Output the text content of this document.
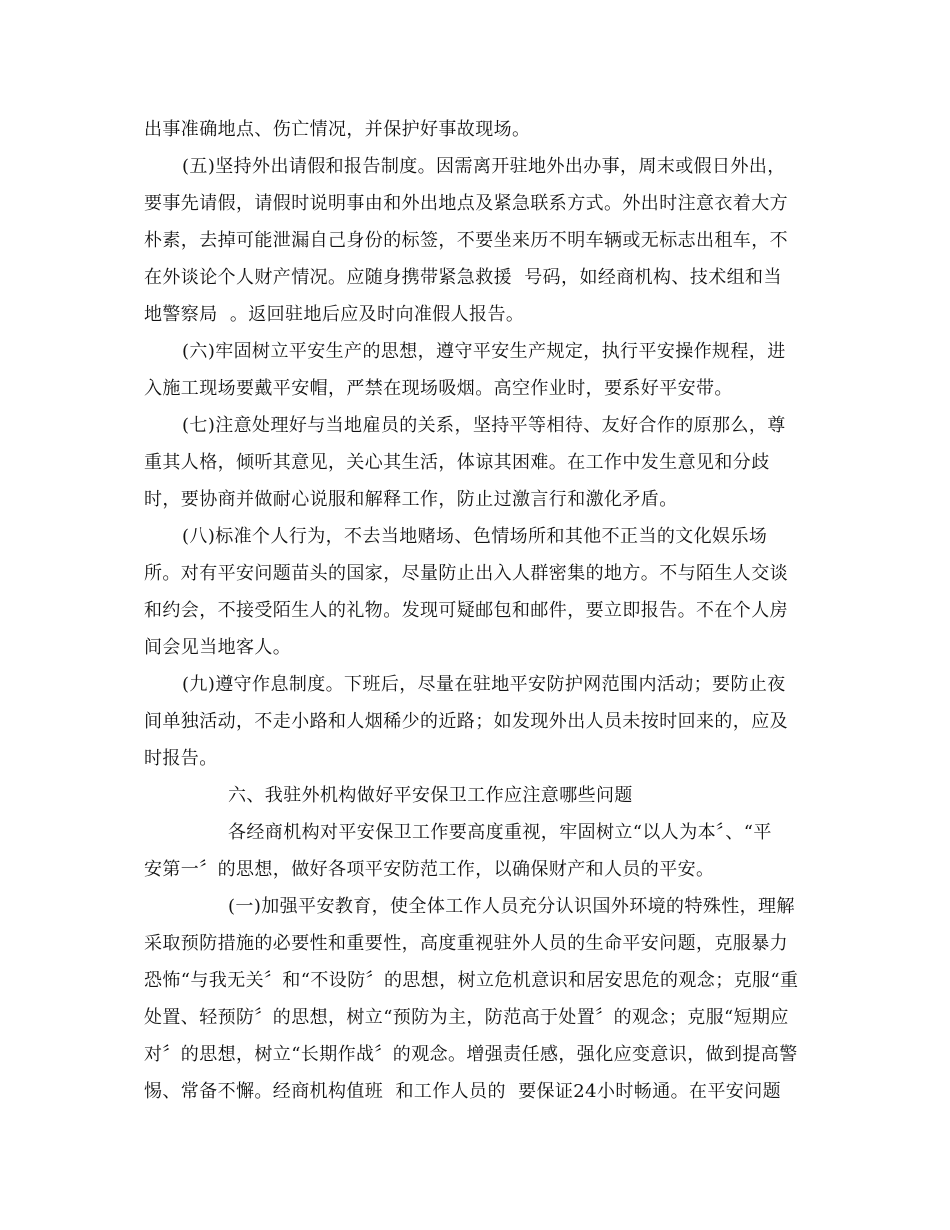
出事准确地点、伤亡情况，并保护好事故现场。
(五)坚持外出请假和报告制度。因需离开驻地外出办事，周末或假日外出，
要事先请假，请假时说明事由和外出地点及紧急联系方式。外出时注意衣着大方
朴素，去掉可能泄漏自己身份的标签，不要坐来历不明车辆或无标志出租车，不
在外谈论个人财产情况。应随身携带紧急救援  号码，如经商机构、技术组和当
地警察局  。返回驻地后应及时向准假人报告。
(六)牢固树立平安生产的思想，遵守平安生产规定，执行平安操作规程，进
入施工现场要戴平安帽，严禁在现场吸烟。高空作业时，要系好平安带。
(七)注意处理好与当地雇员的关系，坚持平等相待、友好合作的原那么，尊
重其人格，倾听其意见，关心其生活，体谅其困难。在工作中发生意见和分歧
时，要协商并做耐心说服和解释工作，防止过激言行和激化矛盾。
(八)标准个人行为，不去当地赌场、色情场所和其他不正当的文化娱乐场
所。对有平安问题苗头的国家，尽量防止出入人群密集的地方。不与陌生人交谈
和约会，不接受陌生人的礼物。发现可疑邮包和邮件，要立即报告。不在个人房
间会见当地客人。
(九)遵守作息制度。下班后，尽量在驻地平安防护网范围内活动；要防止夜
间单独活动，不走小路和人烟稀少的近路；如发现外出人员未按时回来的，应及
时报告。
六、我驻外机构做好平安保卫工作应注意哪些问题
各经商机构对平安保卫工作要高度重视，牢固树立“以人为本〞、“平
安第一〞的思想，做好各项平安防范工作，以确保财产和人员的平安。
(一)加强平安教育，使全体工作人员充分认识国外环境的特殊性，理解
采取预防措施的必要性和重要性，高度重视驻外人员的生命平安问题，克服暴力
恐怖“与我无关〞和“不设防〞的思想，树立危机意识和居安思危的观念；克服“重
处置、轻预防〞的思想，树立“预防为主，防范高于处置〞的观念；克服“短期应
对〞的思想，树立“长期作战〞的观念。增强责任感，强化应变意识，做到提高警
惕、常备不懈。经商机构值班  和工作人员的  要保证24小时畅通。在平安问题
